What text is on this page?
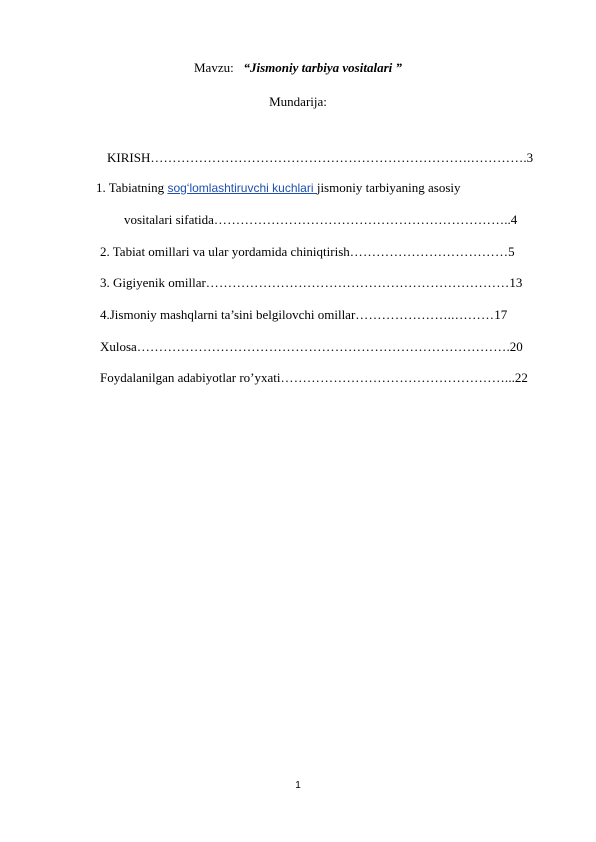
Mavzu: “Jismoniy tarbiya vositalari ”
Mundarija:
KIRISH……………………………………………………………….………….3
1. Tabiatning sog‘lomlashtiruvchi kuchlari jismoniy tarbiyaning asosiy
vositalari sifatida…………………………………………………………..4
2. Tabiat omillari va ular yordamida chiniqtirish………………………………5
3. Gigiyenik omillar……………………………………………………………13
4.Jismoniy mashqlarni ta’sini belgilovchi omillar…………………..………17
Xulosa………………………………………………………………………….20
Foydalanilgan adabiyotlar ro’yxati……………………………………………...22
1
